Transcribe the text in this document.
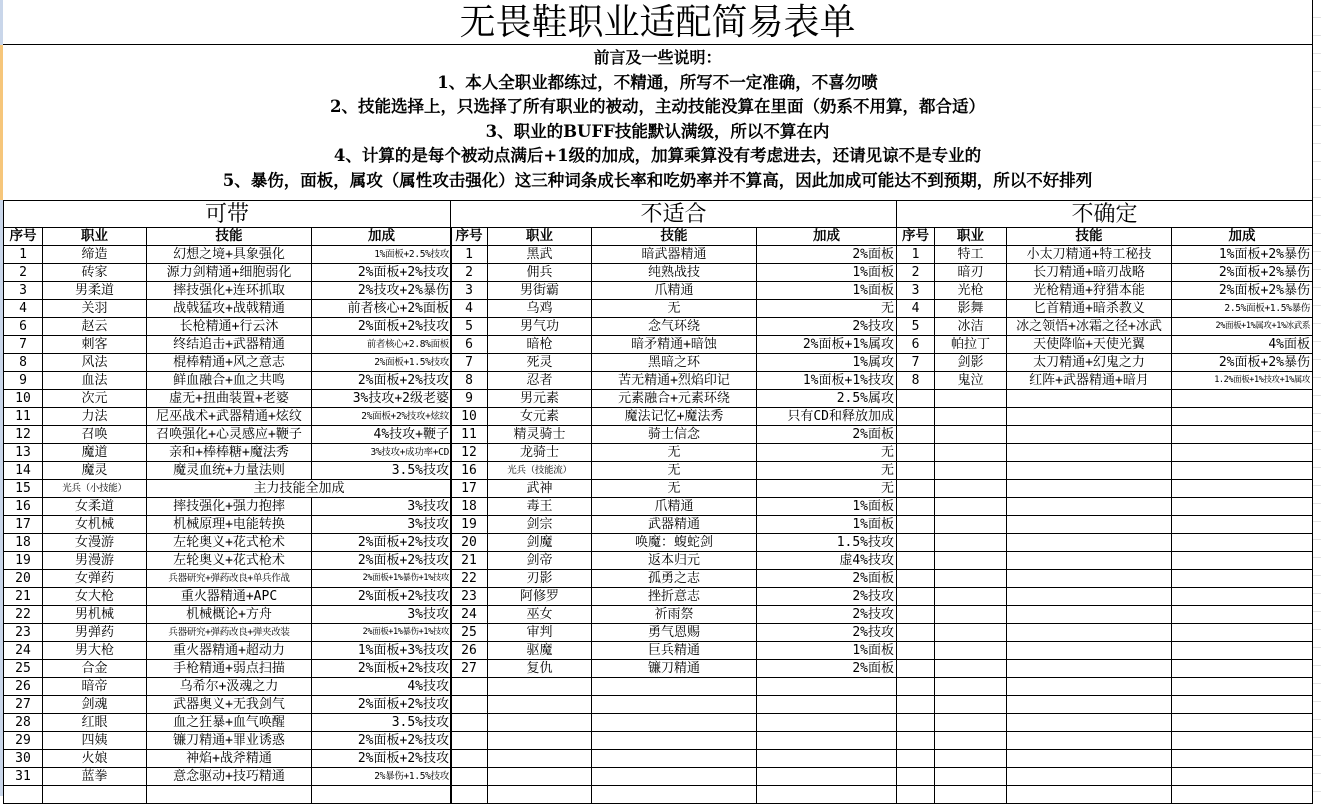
无畏鞋职业适配简易表单
前言及一些说明：
1、本人全职业都练过，不精通，所写不一定准确，不喜勿喷
2、技能选择上，只选择了所有职业的被动，主动技能没算在里面（奶系不用算，都合适）
3、职业的BUFF技能默认满级，所以不算在内
4、计算的是每个被动点满后+1级的加成，加算乘算没有考虑进去，还请见谅不是专业的
5、暴伤，面板，属攻（属性攻击强化）这三种词条成长率和吃奶率并不算高，因此加成可能达不到预期，所以不好排列
可带	不适合	不确定
序号	职业	技能	加成
1	缔造	幻想之境+具象强化	1%面板+2.5%技攻
2	砖家	源力剑精通+细胞弱化	2%面板+2%技攻
3	男柔道	摔技强化+连环抓取	2%技攻+2%暴伤
4	关羽	战戟猛攻+战戟精通	前者核心+2%面板
6	赵云	长枪精通+行云沐	2%面板+2%技攻
7	刺客	终结追击+武器精通	前者核心+2.8%面板
8	风法	棍棒精通+风之意志	2%面板+1.5%技攻
9	血法	鲜血融合+血之共鸣	2%面板+2%技攻
10	次元	虚无+扭曲装置+老婆	3%技攻+2级老婆
11	力法	尼巫战术+武器精通+炫纹	2%面板+2%技攻+炫纹
12	召唤	召唤强化+心灵感应+鞭子	4%技攻+鞭子
13	魔道	亲和+棒棒糖+魔法秀	3%技攻+成功率+CD
14	魔灵	魔灵血统+力量法则	3.5%技攻
15	光兵（小技能）	主力技能全加成	
16	女柔道	摔技强化+强力抱摔	3%技攻
17	女机械	机械原理+电能转换	3%技攻
18	女漫游	左轮奥义+花式枪术	2%面板+2%技攻
19	男漫游	左轮奥义+花式枪术	2%面板+2%技攻
20	女弹药	兵器研究+弹药改良+单兵作战	2%面板+1%暴伤+1%技攻
21	女大枪	重火器精通+APC	2%面板+2%技攻
22	男机械	机械概论+方舟	3%技攻
23	男弹药	兵器研究+弹药改良+弹夹改装	2%面板+1%暴伤+1%技攻
24	男大枪	重火器精通+超动力	1%面板+3%技攻
25	合金	手枪精通+弱点扫描	2%面板+2%技攻
26	暗帝	乌希尔+汲魂之力	4%技攻
27	剑魂	武器奥义+无我剑气	2%面板+2%技攻
28	红眼	血之狂暴+血气唤醒	3.5%技攻
29	四姨	镰刀精通+罪业诱惑	2%面板+2%技攻
30	火娘	神焰+战斧精通	2%面板+2%技攻
31	蓝拳	意念驱动+技巧精通	2%暴伤+1.5%技攻

序号	职业	技能	加成
1	黑武	暗武器精通	2%面板
2	佣兵	纯熟战技	1%面板
3	男街霸	爪精通	1%面板
4	乌鸡	无	无
5	男气功	念气环绕	2%技攻
6	暗枪	暗矛精通+暗蚀	2%面板+1%属攻
7	死灵	黑暗之环	1%属攻
8	忍者	苦无精通+烈焰印记	1%面板+1%技攻
9	男元素	元素融合+元素环绕	2.5%属攻
10	女元素	魔法记忆+魔法秀	只有CD和释放加成
11	精灵骑士	骑士信念	2%面板
12	龙骑士	无	无
16	光兵（技能流）	无	无
17	武神	无	无
18	毒王	爪精通	1%面板
19	剑宗	武器精通	1%面板
20	剑魔	唤魔：蝮蛇剑	1.5%技攻
21	剑帝	返本归元	虚4%技攻
22	刃影	孤勇之志	2%面板
23	阿修罗	挫折意志	2%技攻
24	巫女	祈雨祭	2%技攻
25	审判	勇气恩赐	2%技攻
26	驱魔	巨兵精通	1%面板
27	复仇	镰刀精通	2%面板

序号	职业	技能	加成
1	特工	小太刀精通+特工秘技	1%面板+2%暴伤
2	暗刃	长刀精通+暗刃战略	2%面板+2%暴伤
3	光枪	光枪精通+狩猎本能	2%面板+2%暴伤
4	影舞	匕首精通+暗杀教义	2.5%面板+1.5%暴伤
5	冰洁	冰之领悟+冰霜之径+冰武	2%面板+1%属攻+1%冰武系
6	帕拉丁	天使降临+天使光翼	4%面板
7	剑影	太刀精通+幻鬼之力	2%面板+2%暴伤
8	鬼泣	红阵+武器精通+暗月	1.2%面板+1%技攻+1%属攻
